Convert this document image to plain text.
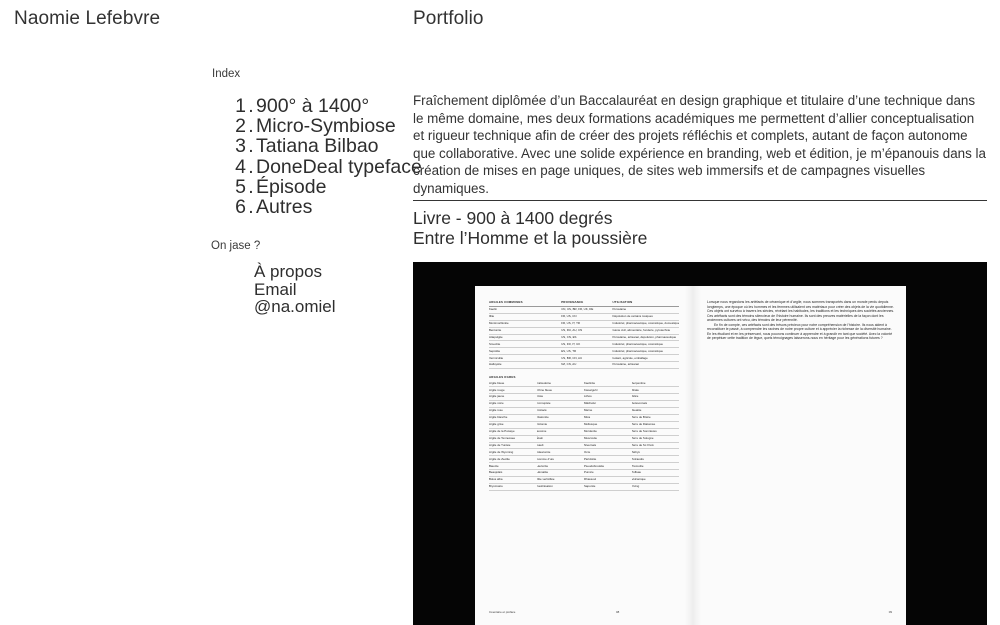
Naomie Lefebvre	Portfolio
Index
1 . 900° à 1400°
2 . Micro-Symbiose
3 . Tatiana Bilbao
4 . DoneDeal typeface
5 . Épisode
6 . Autres
On jase ?
À propos
Email
@na.omiel
Fraîchement diplômée d’un Baccalauréat en design graphique et titulaire d’une technique dans le même domaine, mes deux formations académiques me permettent d’allier conceptualisation et rigueur technique afin de créer des projets réfléchis et complets, autant de façon autonome que collaborative. Avec une solide expérience en branding, web et édition, je m’épanouis dans la création de mises en page uniques, de sites web immersifs et de campagnes visuelles dynamiques.
Livre - 900 à 1400 degrés
Entre l’Homme et la poussière
ARGILES COMMUNES	PROVENANCE	UTILISATION
Kaolin	CN, US, BR, FR, UK, DE	Porcelaine
Illite	FR, US, CN	Dépolution de certains toxiques
Montmorillonite	FR, US, IT, TR	Industriel, pharmaceutique, cosmétique, domestique
Bentonite	US, RU, AU, CN	Génie civil, alimentaire, fonderie, pyrotechnie
Attapulgite	US, CN, ES	Porcelaine, artisanat, dépolution, pharmaceutique
Smectite	US, FR, IT, UK	Industriel, pharmaceutique, cosmétique
Sepiolite	ES, US, TR	Industriel, pharmaceutique, cosmétique
Vermiculite	US, BR, CN, AU	Isolant, agricole, emballage
Halloysite	NZ, CN, AU	Porcelaine, artisanat
ARGILES RARES
Argile bleue	Calcedoine	Kaolinite	Serpentine
Argile rouge	Chine bleue	Kieselguhr	Shale
Argile jaune	Ciste	Lithos	Silice
Argile noire	Cornupiste	Mâchefer	Soissonnais
Argile rose	Crétacé	Marne	Steatite
Argile blanche	Diatomite	Mica	Terre de Brière
Argile grise	Dolomie	Mollusque	Terre de Diatomée
Argile de la Puisaye	Eocène	Mordenite	Terre de Somnières
Argile de Tennessee	Étain	Muscovite	Terre de Sologne
Argile de Tunisie	Gault	Nivernais	Terre de St-Yriéix
Argile de Wyoming	Glauconite	Ocre	Tethys
Argile de Zeolite	Gomme d’ure	Péridotite	Tétraèdre
Bauxite	Hectorite	Pseudobrookite	Trémolite
Beaujolais	Hématite	Pumice	Tuffeau
Bolus alba	Illite verticillée	Rhassoul	Volcanique
Bryozoaire	Kaolinisation	Saponite	Yixing
Inventaire et préface	08

Lorsque nous regardons les artéfacts de céramique et d’argile, nous sommes transportés dans un monde perdu depuis longtemps, une époque où les hommes et les femmes utilisaient ces matériaux pour créer des objets de la vie quotidienne. Ces objets ont survécu à travers les siècles, révélant les habitudes, les traditions et les techniques des sociétés anciennes. Ces artéfacts sont des témoins silencieux de l’histoire humaine. Ils sont des preuves matérielles de la façon dont les anciennes cultures ont vécu, des témoins de leur pérennité.

En fin de compte, ces artéfacts sont des trésors précieux pour notre compréhension de l’histoire. Ils nous aident à reconstituer le passé, à comprendre les racines de notre propre culture et à apprécier la richesse de la diversité humaine. En les étudiant et en les préservant, nous pouvons continuer à apprendre et à grandir en tant que société. Avec la volonté de perpétuer cette tradition de lègue, quels témoignages laisserons-nous en héritage pour les générations futures ?

09
